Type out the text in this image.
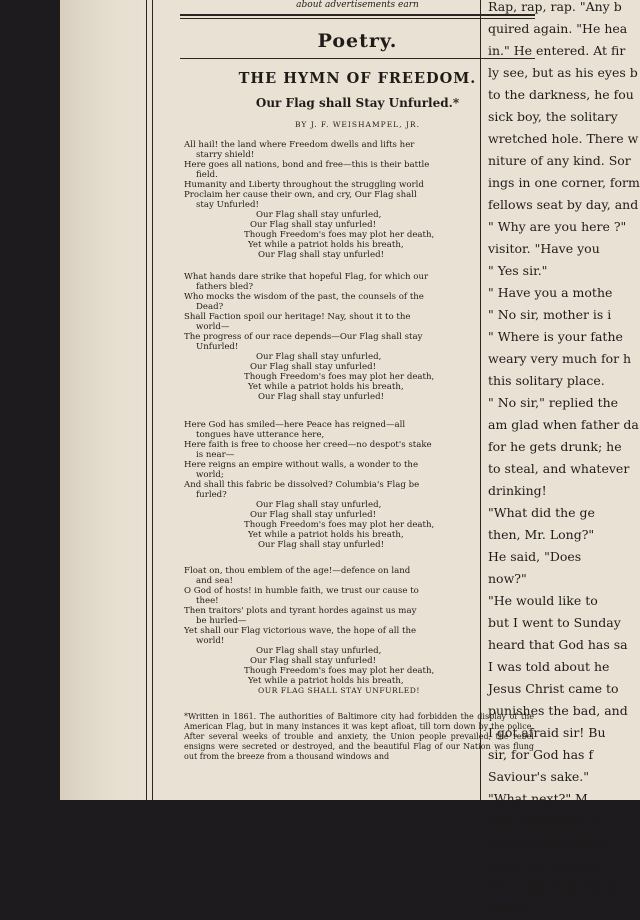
about advertisements earn
Poetry.
THE HYMN OF FREEDOM.
Our Flag shall Stay Unfurled.*
BY J. F. WEISHAMPEL, JR.
All hail! the land where Freedom dwells and lifts her
starry shield!
Here goes all nations, bond and free—this is their battle
field.
Humanity and Liberty throughout the struggling world
Proclaim her cause their own, and cry, Our Flag shall
stay Unfurled!
Our Flag shall stay unfurled,
Our Flag shall stay unfurled!
Though Freedom's foes may plot her death,
Yet while a patriot holds his breath,
Our Flag shall stay unfurled!
What hands dare strike that hopeful Flag, for which our
fathers bled?
Who mocks the wisdom of the past, the counsels of the
Dead?
Shall Faction spoil our heritage! Nay, shout it to the
world—
The progress of our race depends—Our Flag shall stay
Unfurled!
Our Flag shall stay unfurled,
Our Flag shall stay unfurled!
Though Freedom's foes may plot her death,
Yet while a patriot holds his breath,
Our Flag shall stay unfurled!
Here God has smiled—here Peace has reigned—all
tongues have utterance here,
Here faith is free to choose her creed—no despot's stake
is near—
Here reigns an empire without walls, a wonder to the
world;
And shall this fabric be dissolved? Columbia's Flag be
furled?
Our Flag shall stay unfurled,
Our Flag shall stay unfurled!
Though Freedom's foes may plot her death,
Yet while a patriot holds his breath,
Our Flag shall stay unfurled!
Float on, thou emblem of the age!—defence on land
and sea!
O God of hosts! in humble faith, we trust our cause to
thee!
Then traitors' plots and tyrant hordes against us may
be hurled—
Yet shall our Flag victorious wave, the hope of all the
world!
Our Flag shall stay unfurled,
Our Flag shall stay unfurled!
Though Freedom's foes may plot her death,
Yet while a patriot holds his breath,
OUR FLAG SHALL STAY UNFURLED!
*Written in 1861. The authorities of Baltimore city had forbidden the display of the American Flag, but in many instances it was kept afloat, till torn down by the police. After several weeks of trouble and anxiety, the Union people prevailed, the rebel ensigns were secreted or destroyed, and the beautiful Flag of our Nation was flung out from the breeze from a thousand windows and
Rap, rap, rap. "Any b
quired again. "He hea
in." He entered. At fir
ly see, but as his eyes b
to the darkness, he fou
sick boy, the solitary
wretched hole. There w
niture of any kind. Sor
ings in one corner, form
fellows seat by day, and
" Why are you here ?"
visitor. "Have you
" Yes sir."
" Have you a mothe
" No sir, mother is i
" Where is your fathe
weary very much for h
this solitary place.
" No sir," replied the
am glad when father da
for he gets drunk; he
to steal, and whatever
drinking!
"What did the ge
then, Mr. Long?"
He said, "Does
now?"
"He would like to
but I went to Sunday
heard that God has sa
I was told about he
Jesus Christ came to
punishes the bad, and
I got afraid sir! Bu
sir, for God has f
Saviour's sake."
"What next?" M
The gentleman to
the boy some mone
come and see him o
he turned and was p
ladder.
